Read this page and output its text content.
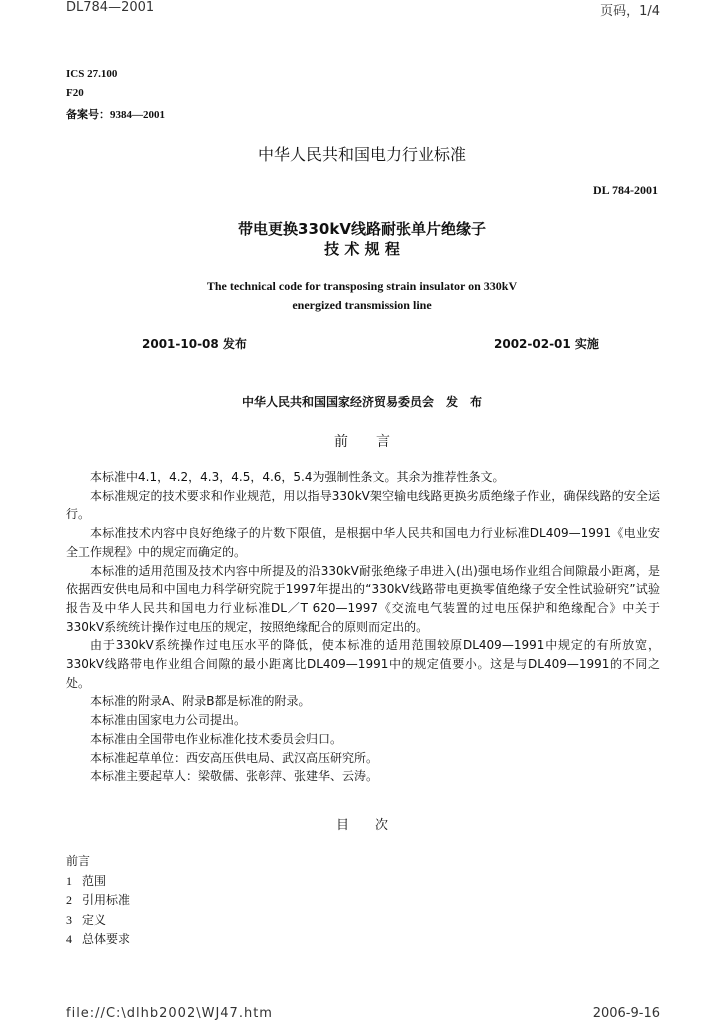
DL784—2001	页码，1/4
ICS 27.100
F20
备案号：9384—2001
中华人民共和国电力行业标准
DL 784-2001
带电更换330kV线路耐张单片绝缘子
技 术 规 程
The technical code for transposing strain insulator on 330kV
energized transmission line
2001-10-08 发布	2002-02-01 实施
中华人民共和国国家经济贸易委员会　发　布
前　　言

本标准中4.1，4.2，4.3，4.5，4.6，5.4为强制性条文。其余为推荐性条文。

本标准规定的技术要求和作业规范，用以指导330kV架空输电线路更换劣质绝缘子作业，确保线路的安全运行。

本标准技术内容中良好绝缘子的片数下限值，是根据中华人民共和国电力行业标准DL409—1991《电业安全工作规程》中的规定而确定的。

本标准的适用范围及技术内容中所提及的沿330kV耐张绝缘子串进入(出)强电场作业组合间隙最小距离，是依据西安供电局和中国电力科学研究院于1997年提出的“330kV线路带电更换零值绝缘子安全性试验研究”试验报告及中华人民共和国电力行业标准DL／T 620—1997《交流电气装置的过电压保护和绝缘配合》中关于330kV系统统计操作过电压的规定，按照绝缘配合的原则而定出的。

由于330kV系统操作过电压水平的降低，使本标准的适用范围较原DL409—1991中规定的有所放宽，330kV线路带电作业组合间隙的最小距离比DL409—1991中的规定值要小。这是与DL409—1991的不同之处。

本标准的附录A、附录B都是标准的附录。

本标准由国家电力公司提出。

本标准由全国带电作业标准化技术委员会归口。

本标准起草单位：西安高压供电局、武汉高压研究所。

本标准主要起草人：梁敬儒、张彰萍、张建华、云涛。

目　　次
前言
1 范围
2 引用标准
3 定义
4 总体要求
file://C:\dlhb2002\WJ47.htm	2006-9-16
